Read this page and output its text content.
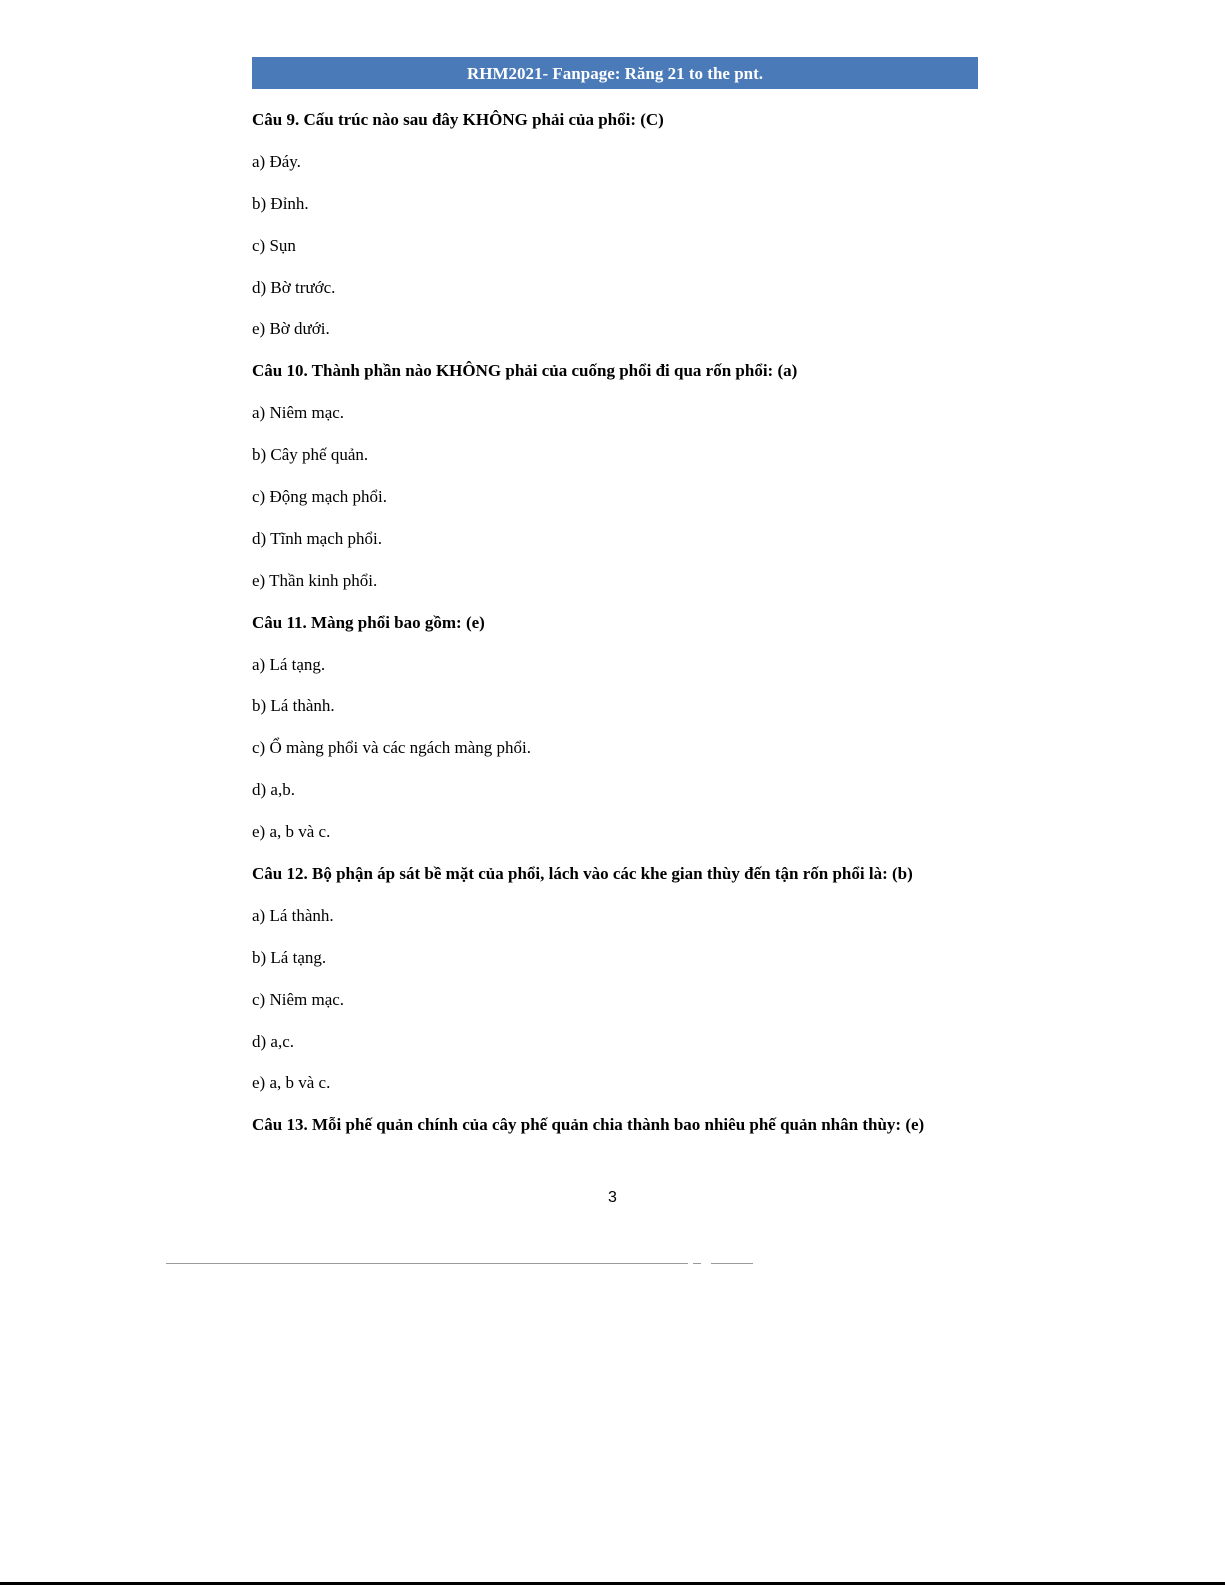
RHM2021- Fanpage: Răng 21 to the pnt.
Câu 9. Cấu trúc nào sau đây KHÔNG phải của phổi: (C)
a) Đáy.
b) Đỉnh.
c) Sụn
d) Bờ trước.
e) Bờ dưới.
Câu 10. Thành phần nào KHÔNG phải của cuống phổi đi qua rốn phổi: (a)
a) Niêm mạc.
b) Cây phế quản.
c) Động mạch phổi.
d) Tĩnh mạch phổi.
e) Thần kinh phổi.
Câu 11. Màng phổi bao gồm: (e)
a) Lá tạng.
b) Lá thành.
c) Ổ màng phổi và các ngách màng phổi.
d) a,b.
e) a, b và c.
Câu 12. Bộ phận áp sát bề mặt của phổi, lách vào các khe gian thùy đến tận rốn phổi là: (b)
a) Lá thành.
b) Lá tạng.
c) Niêm mạc.
d) a,c.
e) a, b và c.
Câu 13. Mỗi phế quản chính của cây phế quản chia thành bao nhiêu phế quản nhân thùy: (e)
3
